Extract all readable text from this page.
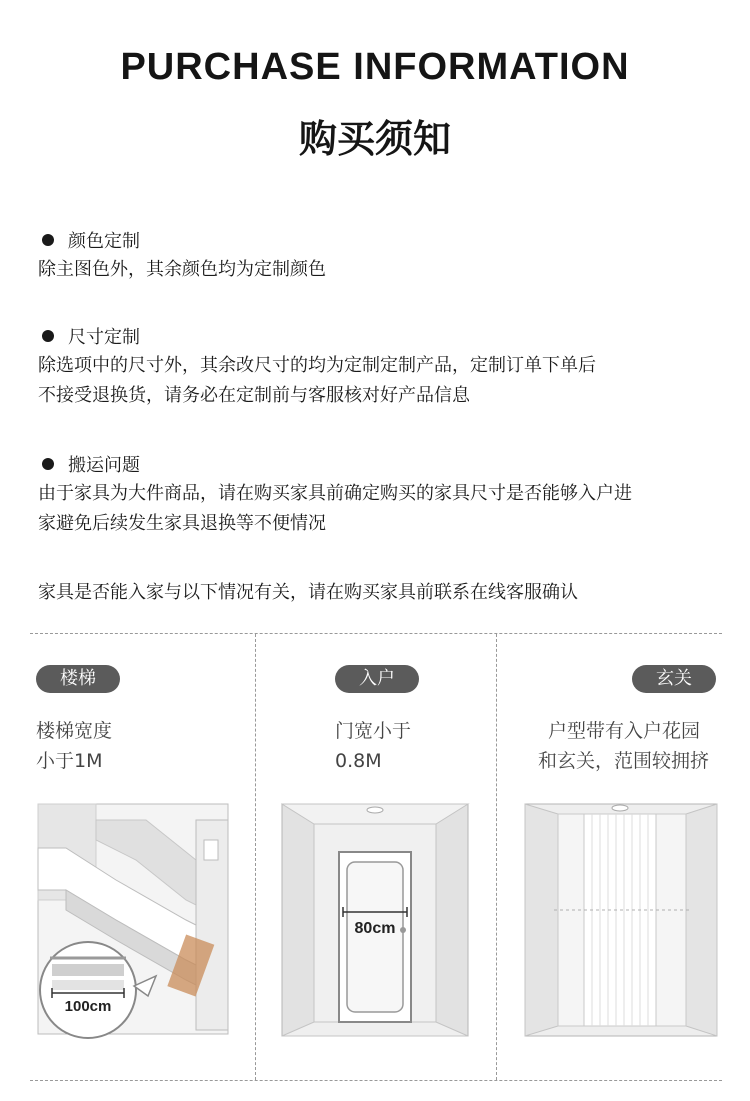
PURCHASE INFORMATION
购买须知
颜色定制
除主图色外，其余颜色均为定制颜色
尺寸定制
除选项中的尺寸外，其余改尺寸的均为定制定制产品，定制订单下单后
不接受退换货，请务必在定制前与客服核对好产品信息
搬运问题
由于家具为大件商品，请在购买家具前确定购买的家具尺寸是否能够入户进
家避免后续发生家具退换等不便情况
家具是否能入家与以下情况有关，请在购买家具前联系在线客服确认
楼梯
楼梯宽度
小于1M
100cm
入户
门宽小于
0.8M
80cm
玄关
户型带有入户花园
和玄关，范围较拥挤
